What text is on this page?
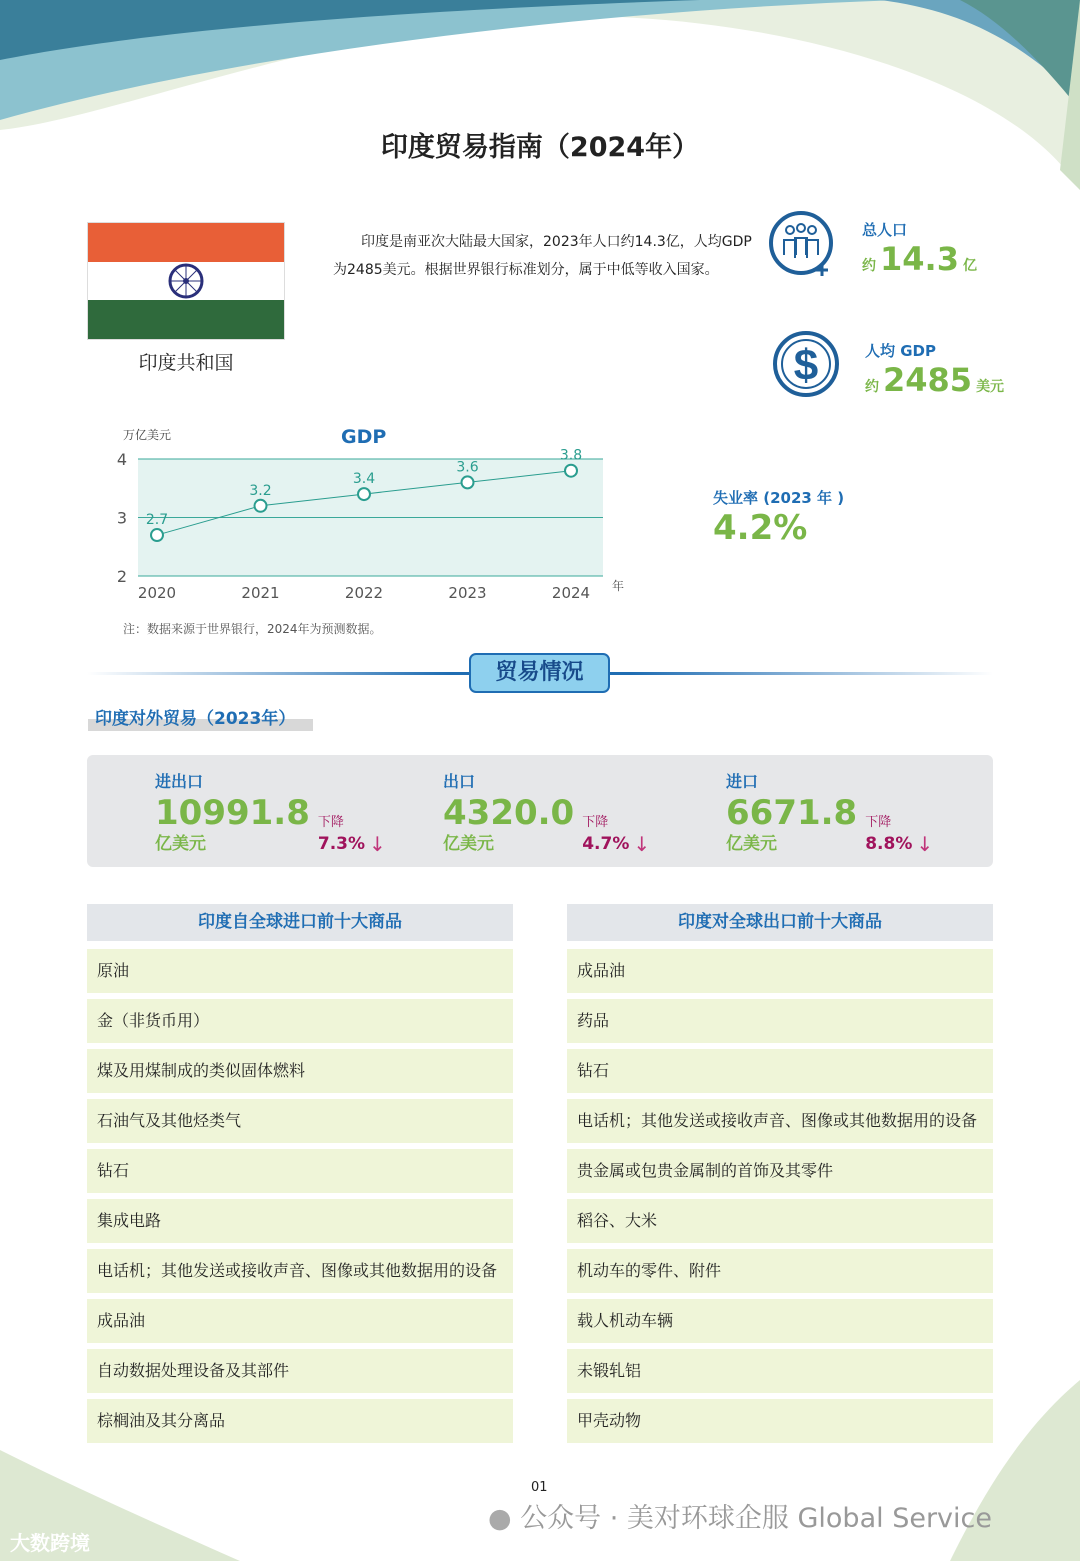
印度贸易指南（2024年）
印度共和国
印度是南亚次大陆最大国家，2023年人口约14.3亿，人均GDP为2485美元。根据世界银行标准划分，属于中低等收入国家。
总人口
约 14.3 亿
$	人均 GDP
约 2485 美元
失业率 (2023 年 )
4.2%
GDP
万亿美元
2
3
4
年
2.7
2020
3.2
2021
3.4
2022
3.6
2023
3.8
2024
注：数据来源于世界银行，2024年为预测数据。
贸易情况
印度对外贸易（2023年）
进出口
10991.8 下降
亿美元	7.3% ↓
出口
4320.0 下降
亿美元	4.7% ↓
进口
6671.8 下降
亿美元	8.8% ↓
印度自全球进口前十大商品
原油
金（非货币用）
煤及用煤制成的类似固体燃料
石油气及其他烃类气
钻石
集成电路
电话机；其他发送或接收声音、图像或其他数据用的设备
成品油
自动数据处理设备及其部件
棕榈油及其分离品
印度对全球出口前十大商品
成品油
药品
钻石
电话机；其他发送或接收声音、图像或其他数据用的设备
贵金属或包贵金属制的首饰及其零件
稻谷、大米
机动车的零件、附件
载人机动车辆
未锻轧铝
甲壳动物
01
● 公众号 · 美对环球企服 Global Service
大数跨境
